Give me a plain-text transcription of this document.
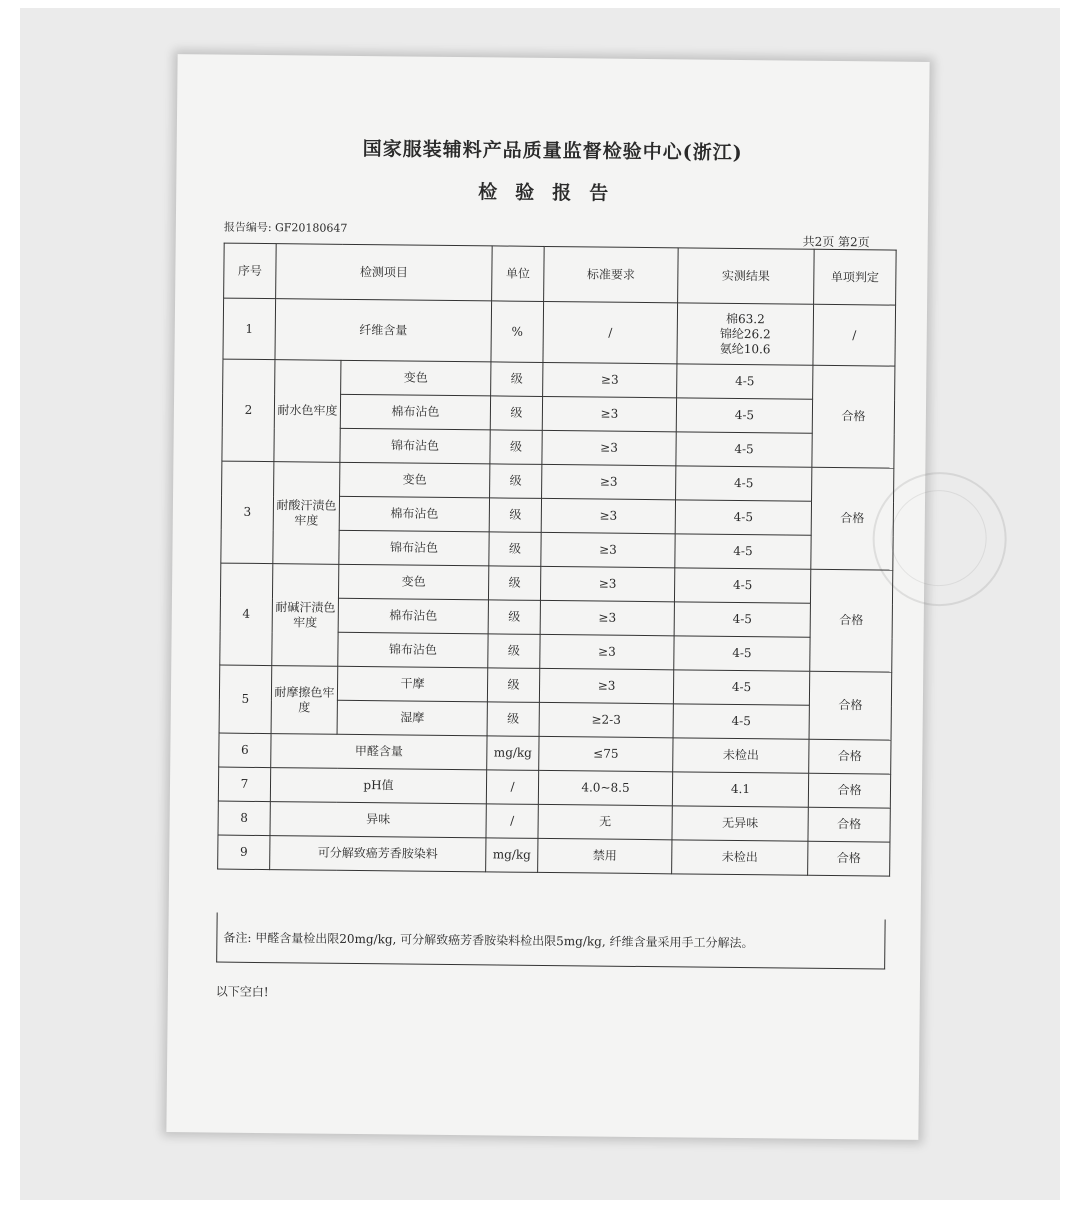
国家服装辅料产品质量监督检验中心(浙江)
检验报告
报告编号: GF20180647
共2页 第2页
序号	检测项目		单位	标准要求	实测结果	单项判定
1	纤维含量		%	/	棉63.2
锦纶26.2
氨纶10.6	/
2	耐水色牢度	变色	级	≥3	4-5	合格
		棉布沾色	级	≥3	4-5	
		锦布沾色	级	≥3	4-5	
3	耐酸汗渍色牢度	变色	级	≥3	4-5	合格
		棉布沾色	级	≥3	4-5	
		锦布沾色	级	≥3	4-5	
4	耐碱汗渍色牢度	变色	级	≥3	4-5	合格
		棉布沾色	级	≥3	4-5	
		锦布沾色	级	≥3	4-5	
5	耐摩擦色牢度	干摩	级	≥3	4-5	合格
		湿摩	级	≥2-3	4-5	
6	甲醛含量		mg/kg	≤75	未检出	合格
7	pH值		/	4.0~8.5	4.1	合格
8	异味		/	无	无异味	合格
9	可分解致癌芳香胺染料		mg/kg	禁用	未检出	合格
备注: 甲醛含量检出限20mg/kg, 可分解致癌芳香胺染料检出限5mg/kg, 纤维含量采用手工分解法。
以下空白!
